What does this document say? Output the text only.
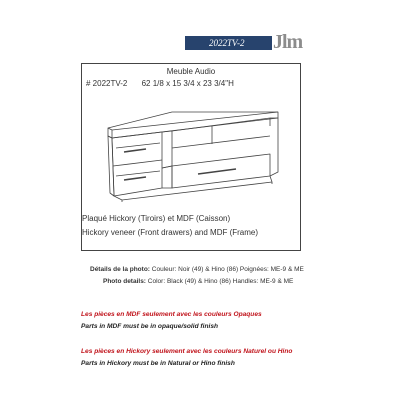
2022TV-2	Jlm
Meuble Audio
# 2022TV-2 62 1/8 x 15 3/4 x 23 3/4"H
Plaqué Hickory (Tiroirs) et MDF (Caisson)
Hickory veneer (Front drawers) and MDF (Frame)
Détails de la photo: Couleur: Noir (49) & Hino (86) Poignées: ME-9 & ME
Photo details: Color: Black (49) & Hino (86) Handles: ME-9 & ME
Les pièces en MDF seulement avec les couleurs Opaques
Parts in MDF must be in opaque/solid finish
Les pièces en Hickory seulement avec les couleurs Naturel ou Hino
Parts in Hickory must be in Natural or Hino finish
